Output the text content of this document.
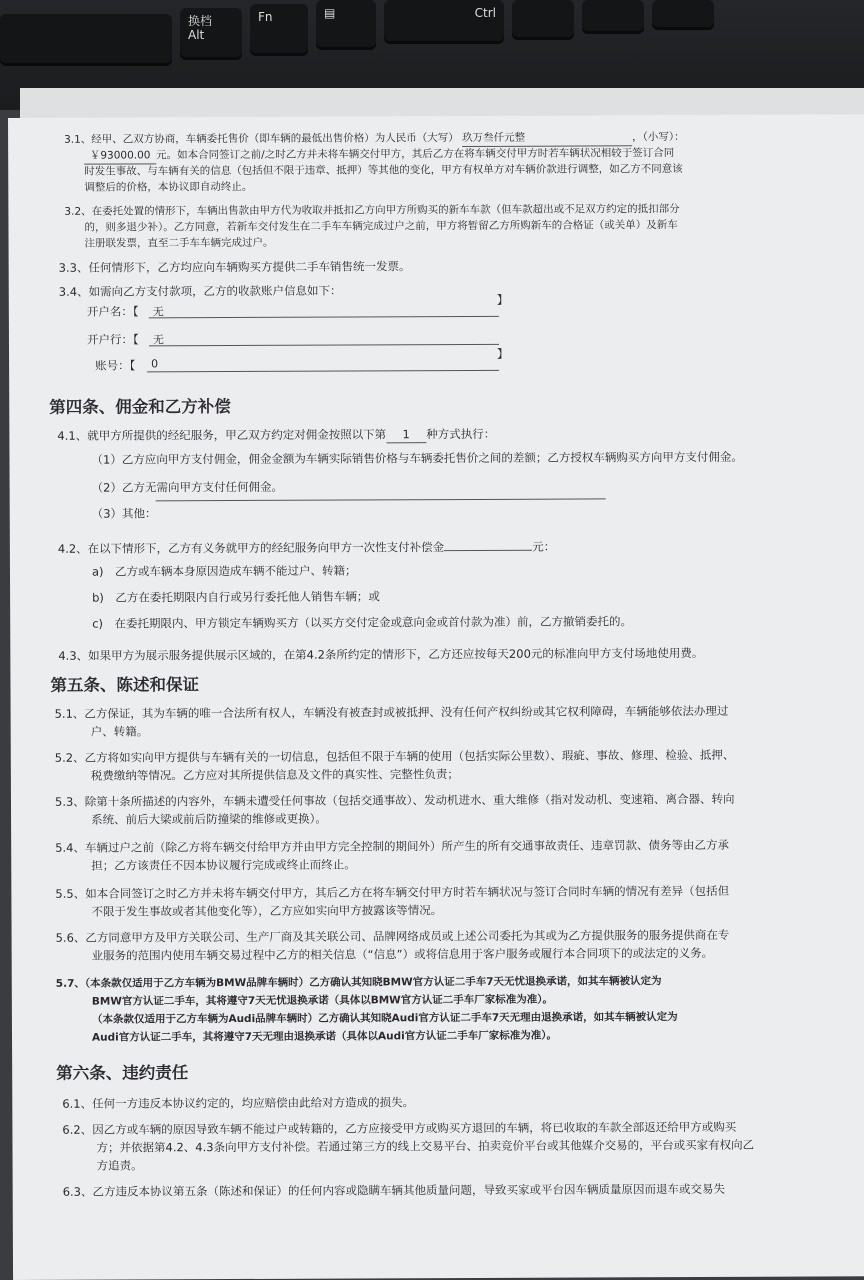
换档
Alt
Fn	▤	Ctrl
3.1、经甲、乙双方协商，车辆委托售价（即车辆的最低出售价格）为人民币（大写） 玖万叁仟元整	，（小写）：
￥93000.00 元。如本合同签订之前/之时乙方并未将车辆交付甲方，其后乙方在将车辆交付甲方时若车辆状况相较于签订合同
时发生事故、与车辆有关的信息（包括但不限于违章、抵押）等其他的变化，甲方有权单方对车辆价款进行调整，如乙方不同意该
调整后的价格，本协议即自动终止。
3.2、在委托处置的情形下，车辆出售款由甲方代为收取并抵扣乙方向甲方所购买的新车车款（但车款超出或不足双方约定的抵扣部分
的，则多退少补）。乙方同意，若新车交付发生在二手车车辆完成过户之前，甲方将暂留乙方所购新车的合格证（或关单）及新车
注册联发票，直至二手车车辆完成过户。
3.3、任何情形下，乙方均应向车辆购买方提供二手车销售统一发票。
3.4、如需向乙方支付款项，乙方的收款账户信息如下：
开户名：【 无
】
开户行：【 无
账号：【 0
】
第四条、佣金和乙方补偿
4.1、就甲方所提供的经纪服务，甲乙双方约定对佣金按照以下第 1 种方式执行：
（1）乙方应向甲方支付佣金，佣金金额为车辆实际销售价格与车辆委托售价之间的差额；乙方授权车辆购买方向甲方支付佣金。
（2）乙方无需向甲方支付任何佣金。
（3）其他：
4.2、在以下情形下，乙方有义务就甲方的经纪服务向甲方一次性支付补偿金	元：
a)　乙方或车辆本身原因造成车辆不能过户、转籍；
b)　乙方在委托期限内自行或另行委托他人销售车辆；或
c)　在委托期限内、甲方锁定车辆购买方（以买方交付定金或意向金或首付款为准）前，乙方撤销委托的。
4.3、如果甲方为展示服务提供展示区域的，在第4.2条所约定的情形下，乙方还应按每天200元的标准向甲方支付场地使用费。
第五条、陈述和保证
5.1、乙方保证，其为车辆的唯一合法所有权人，车辆没有被查封或被抵押、没有任何产权纠纷或其它权利障碍，车辆能够依法办理过
户、转籍。
5.2、乙方将如实向甲方提供与车辆有关的一切信息，包括但不限于车辆的使用（包括实际公里数）、瑕疵、事故、修理、检验、抵押、
税费缴纳等情况。乙方应对其所提供信息及文件的真实性、完整性负责；
5.3、除第十条所描述的内容外，车辆未遭受任何事故（包括交通事故）、发动机进水、重大维修（指对发动机、变速箱、离合器、转向
系统、前后大梁或前后防撞梁的维修或更换）。
5.4、车辆过户之前（除乙方将车辆交付给甲方并由甲方完全控制的期间外）所产生的所有交通事故责任、违章罚款、债务等由乙方承
担；乙方该责任不因本协议履行完成或终止而终止。
5.5、如本合同签订之时乙方并未将车辆交付甲方，其后乙方在将车辆交付甲方时若车辆状况与签订合同时车辆的情况有差异（包括但
不限于发生事故或者其他变化等），乙方应如实向甲方披露该等情况。
5.6、乙方同意甲方及甲方关联公司、生产厂商及其关联公司、品牌网络成员或上述公司委托为其或为乙方提供服务的服务提供商在专
业服务的范围内使用车辆交易过程中乙方的相关信息（“信息”）或将信息用于客户服务或履行本合同项下的或法定的义务。
5.7、（本条款仅适用于乙方车辆为BMW品牌车辆时）乙方确认其知晓BMW官方认证二手车7天无忧退换承诺，如其车辆被认定为
BMW官方认证二手车，其将遵守7天无忧退换承诺（具体以BMW官方认证二手车厂家标准为准）。
（本条款仅适用于乙方车辆为Audi品牌车辆时）乙方确认其知晓Audi官方认证二手车7天无理由退换承诺，如其车辆被认定为
Audi官方认证二手车，其将遵守7天无理由退换承诺（具体以Audi官方认证二手车厂家标准为准）。
第六条、违约责任
6.1、任何一方违反本协议约定的，均应赔偿由此给对方造成的损失。
6.2、因乙方或车辆的原因导致车辆不能过户或转籍的，乙方应接受甲方或购买方退回的车辆，将已收取的车款全部返还给甲方或购买
方；并依据第4.2、4.3条向甲方支付补偿。若通过第三方的线上交易平台、拍卖竞价平台或其他媒介交易的，平台或买家有权向乙
方追责。
6.3、乙方违反本协议第五条（陈述和保证）的任何内容或隐瞒车辆其他质量问题，导致买家或平台因车辆质量原因而退车或交易失
